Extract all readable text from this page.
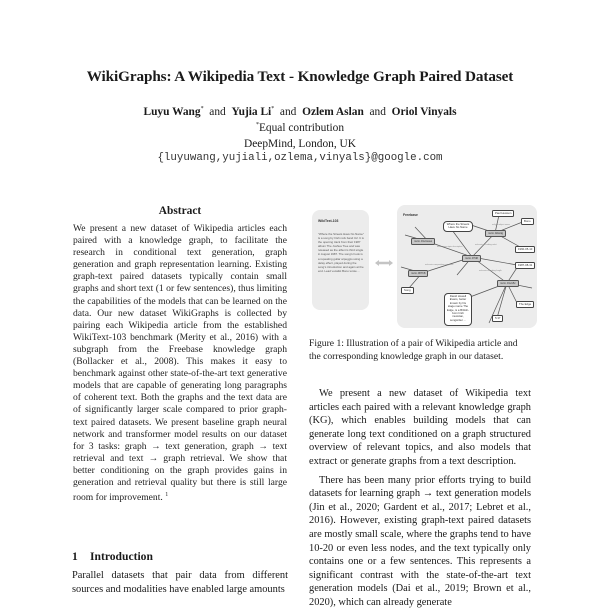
WikiGraphs: A Wikipedia Text - Knowledge Graph Paired Dataset
Luyu Wang* and Yujia Li* and Ozlem Aslan and Oriol Vinyals
*Equal contribution
DeepMind, London, UK
{luyuwang,yujiali,ozlema,vinyals}@google.com
Abstract
We present a new dataset of Wikipedia articles each paired with a knowledge graph, to facilitate the research in conditional text generation, graph generation and graph representation learning. Existing graph-text paired datasets typically contain small graphs and short text (1 or few sentences), thus limiting the capabilities of the models that can be learned on the data. Our new dataset WikiGraphs is collected by pairing each Wikipedia article from the established WikiText-103 benchmark (Merity et al., 2016) with a subgraph from the Freebase knowledge graph (Bollacker et al., 2008). This makes it easy to benchmark against other state-of-the-art text generative models that are capable of generating long paragraphs of coherent text. Both the graphs and the text data are of significantly larger scale compared to prior graph-text paired datasets. We present baseline graph neural network and transformer model results on our dataset for 3 tasks: graph → text generation, graph → text retrieval and text → graph retrieval. We show that better conditioning on the graph provides gains in generation and retrieval quality but there is still large room for improvement. $^1$
1 Introduction
Parallel datasets that pair data from different sources and modalities have enabled large amounts
WikiText-103
"Where the Streets Have No Name" is a song by Irish rock band U2. It is the opening track from their 1987 album The Joshua Tree and was released as the album's third single in August 1987. The song's hook is a repeating guitar arpeggio using a delay effect, played during the song's introduction and again at the end. Lead vocalist Bono wrote ...
ns/common.topic.description
ns/music.recording.artist
ns/music.composition.composer
ns/music.recording.length
ns/type.object.name
Freebase	Paul Hewson
Bono
ns/m.0dw4g
ns/m.01vswwx
ns/m.074ft
ns/m.0fl7h8
ns/m.01vs5c
Where the Streets Have No Name
1960-05-10
1987-08-31
Song
The Edge
5:37
David Howell Evans, better known by his stage name The Edge, is a British-born Irish musician, songwriter ...
Figure 1: Illustration of a pair of Wikipedia article and the corresponding knowledge graph in our dataset.

We present a new dataset of Wikipedia text articles each paired with a relevant knowledge graph (KG), which enables building models that can generate long text conditioned on a graph structured overview of relevant topics, and also models that extract or generate graphs from a text description.

There has been many prior efforts trying to build datasets for learning graph → text generation models (Jin et al., 2020; Gardent et al., 2017; Lebret et al., 2016). However, existing graph-text paired datasets are mostly small scale, where the graphs tend to have 10-20 or even less nodes, and the text typically only contains one or a few sentences. This represents a significant contrast with the state-of-the-art text generation models (Dai et al., 2019; Brown et al., 2020), which can already generate
